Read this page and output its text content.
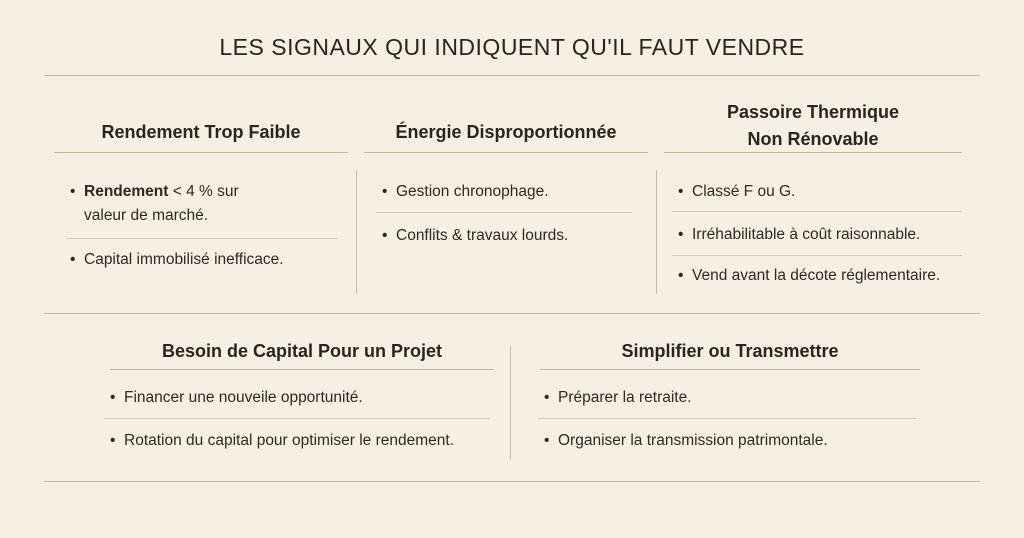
LES SIGNAUX QUI INDIQUENT QU'IL FAUT VENDRE
Rendement Trop Faible
• Rendement < 4 % sur
valeur de marché.
• Capital immobilisé inefficace.
Énergie Disproportionnée
• Gestion chronophage.
• Conflits & travaux lourds.
Passoire Thermique
Non Rénovable
• Classé F ou G.
• Irréhabilitable à coût raisonnable.
• Vend avant la décote réglementaire.
Besoin de Capital Pour un Projet
• Financer une nouveile opportunité.
• Rotation du capital pour optimiser le rendement.
Simplifier ou Transmettre
• Préparer la retraite.
• Organiser la transmission patrimontale.
